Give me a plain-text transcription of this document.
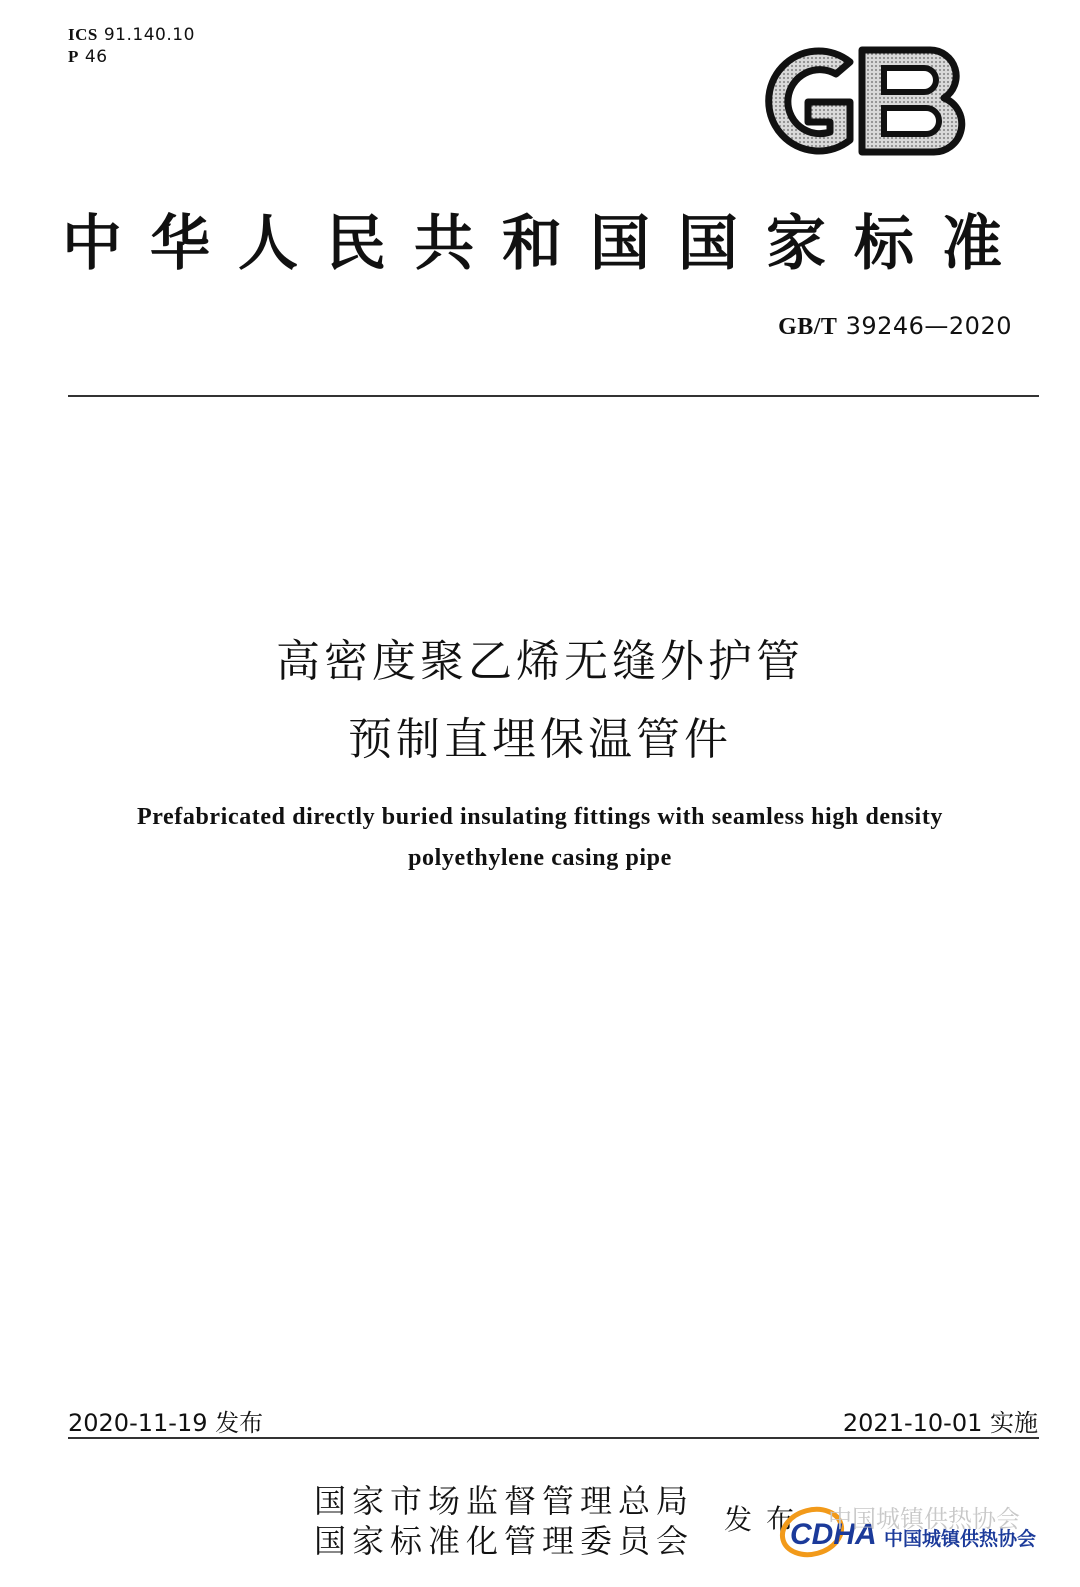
ICS 91.140.10
P 46
中华人民共和国国家标准
GB/T 39246—2020
高密度聚乙烯无缝外护管
预制直埋保温管件
Prefabricated directly buried insulating fittings with seamless high density
polyethylene casing pipe
2020-11-19 发布	2021-10-01 实施
国家市场监督管理总局
国家标准化管理委员会
发布
CDHA
中国城镇供热协会
中国城镇供热协会
